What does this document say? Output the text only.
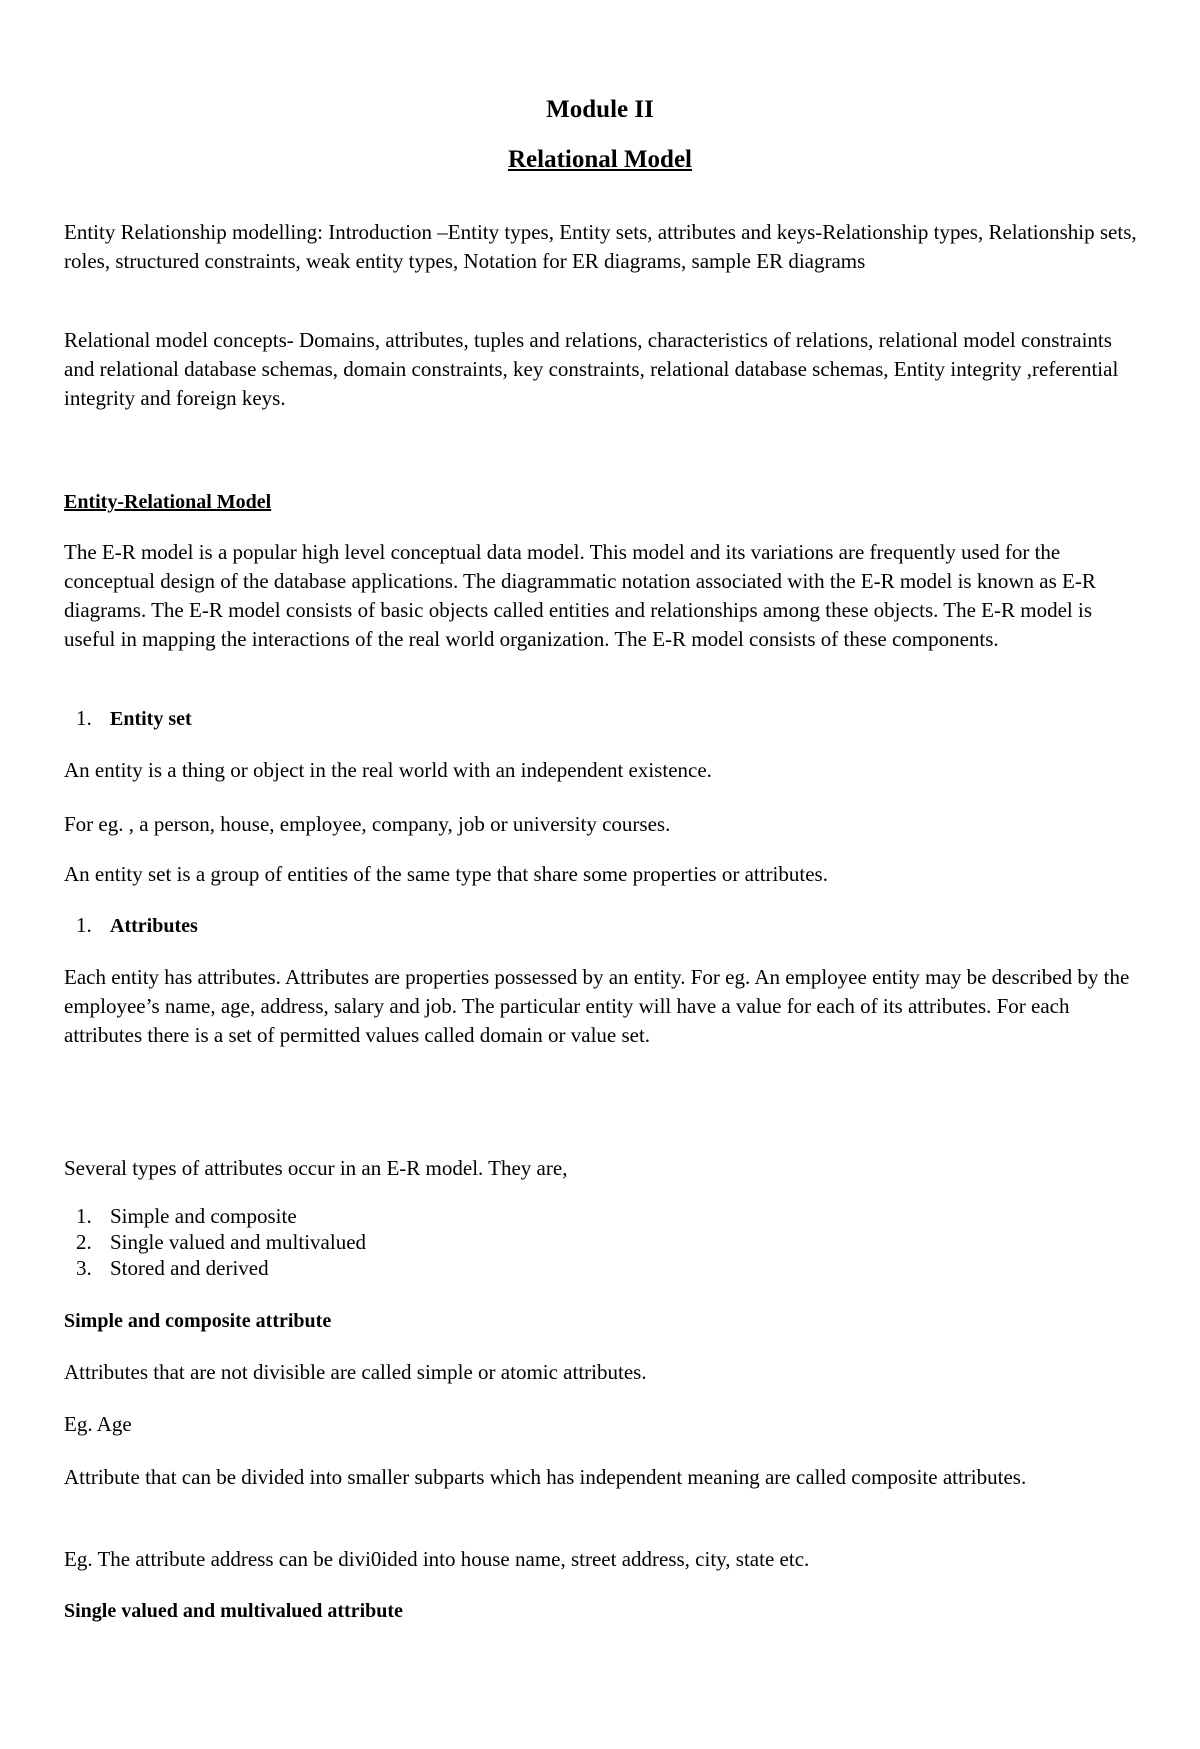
Module II
Relational Model

Entity Relationship modelling: Introduction –Entity types, Entity sets, attributes and keys-Relationship types, Relationship sets, roles, structured constraints, weak entity types, Notation for ER diagrams, sample ER diagrams

Relational model concepts- Domains, attributes, tuples and relations, characteristics of relations, relational model constraints and relational database schemas, domain constraints, key constraints, relational database schemas, Entity integrity ,referential integrity and foreign keys.

Entity-Relational Model

The E-R model is a popular high level conceptual data model. This model and its variations are frequently used for the conceptual design of the database applications. The diagrammatic notation associated with the E-R model is known as E-R diagrams. The E-R model consists of basic objects called entities and relationships among these objects. The E-R model is useful in mapping the interactions of the real world organization. The E-R model consists of these components.

1. Entity set

An entity is a thing or object in the real world with an independent existence.

For eg. , a person, house, employee, company, job or university courses.

An entity set is a group of entities of the same type that share some properties or attributes.

1. Attributes

Each entity has attributes. Attributes are properties possessed by an entity. For eg. An employee entity may be described by the employee’s name, age, address, salary and job. The particular entity will have a value for each of its attributes. For each attributes there is a set of permitted values called domain or value set.

Several types of attributes occur in an E-R model. They are,

1. Simple and composite
2. Single valued and multivalued
3. Stored and derived
Simple and composite attribute

Attributes that are not divisible are called simple or atomic attributes.

Eg. Age

Attribute that can be divided into smaller subparts which has independent meaning are called composite attributes.

Eg. The attribute address can be divi0ided into house name, street address, city, state etc.

Single valued and multivalued attribute
